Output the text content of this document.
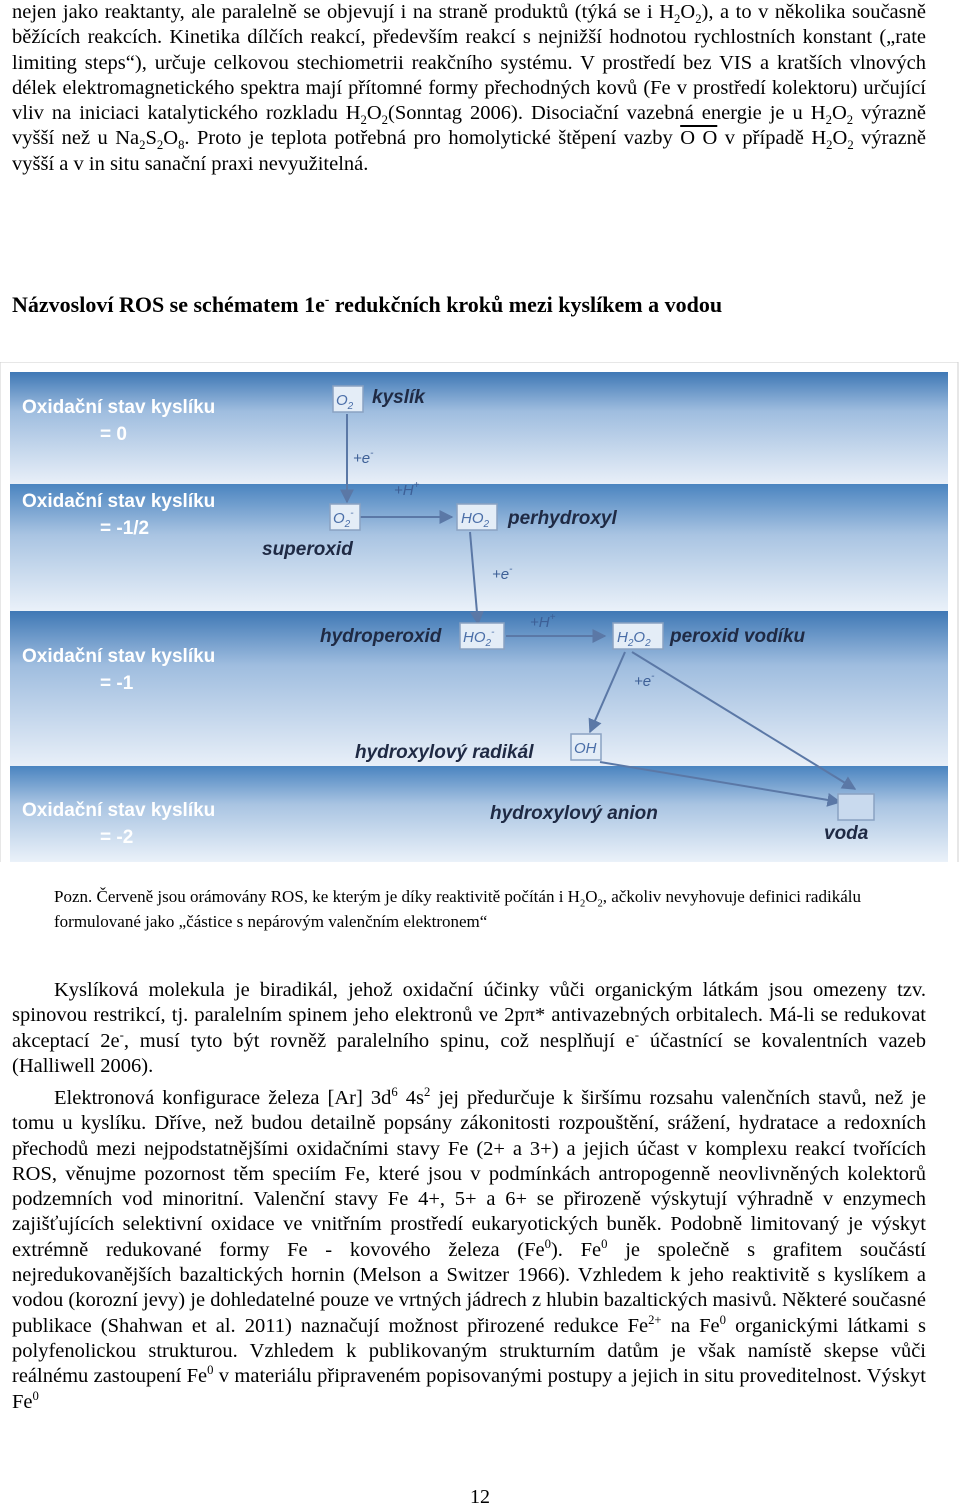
nejen jako reaktanty, ale paralelně se objevují i na straně produktů (týká se i $H_2O_2$), a to v několika současně běžících reakcích. Kinetika dílčích reakcí, především reakcí s nejnižší hodnotou rychlostních konstant („rate limiting steps“), určuje celkovou stechiometrii reakčního systému. V prostředí bez VIS a kratších vlnových délek elektromagnetického spektra mají přítomné formy přechodných kovů (Fe v prostředí kolektoru) určující vliv na iniciaci katalytického rozkladu $H_2O_2(Sonntag$ 2006). Disociační vazebná energie je u $H_2O_2$ výrazně vyšší než u $Na_2S_2O_8$. Proto je teplota potřebná pro homolytické štěpení vazby O O v případě $H_2O_2$ výrazně vyšší a v in situ sanační praxi nevyužitelná.

Názvosloví ROS se schématem 1e- redukčních kroků mezi kyslíkem a vodou
Oxidační stav kyslíku
= 0
Oxidační stav kyslíku
= -1/2
Oxidační stav kyslíku
= -1
Oxidační stav kyslíku
= -2
$O_2$
$O_2^-$	$HO_2$
$HO_2^-$	$H_2O_2$
OH
kyslík
superoxid
perhydroxyl
hydroperoxid	peroxid vodíku
hydroxylový radikál
hydroxylový anion
voda
+e-
+H+
+e-
+H+
+e-

Pozn. Červeně jsou orámovány ROS, ke kterým je díky reaktivitě počítán i $H_2O_2$, ačkoliv nevyhovuje definici radikálu formulované jako „částice s nepárovým valenčním elektronem“

Kyslíková molekula je biradikál, jehož oxidační účinky vůči organickým látkám jsou omezeny tzv. spinovou restrikcí, tj. paralelním spinem jeho elektronů ve 2pπ* antivazebných orbitalech. Má-li se redukovat akceptací 2e-, musí tyto být rovněž paralelního spinu, což nesplňují e- účastnící se kovalentních vazeb (Halliwell 2006).

Elektronová konfigurace železa [Ar] $3d^6$ $4s^2$ jej předurčuje k širšímu rozsahu valenčních stavů, než je tomu u kyslíku. Dříve, než budou detailně popsány zákonitosti rozpouštění, srážení, hydratace a redoxních přechodů mezi nejpodstatnějšími oxidačními stavy Fe (2+ a 3+) a jejich účast v komplexu reakcí tvořících ROS, věnujme pozornost těm speciím Fe, které jsou v podmínkách antropogenně neovlivněných kolektorů podzemních vod minoritní. Valenční stavy Fe 4+, 5+ a 6+ se přirozeně výskytují výhradně v enzymech zajišťujících selektivní oxidace ve vnitřním prostředí eukaryotických buněk. Podobně limitovaný je výskyt extrémně redukované formy Fe - kovového železa (Fe$^0$). Fe$^0$ je společně s grafitem součástí nejredukovanějších bazaltických hornin (Melson a Switzer 1966). Vzhledem k jeho reaktivitě s kyslíkem a vodou (korozní jevy) je dohledatelné pouze ve vrtných jádrech z hlubin bazaltických masivů. Některé současné publikace (Shahwan et al. 2011) naznačují možnost přirozené redukce $Fe^{2+}$ na Fe$^0$ organickými látkami s polyfenolickou strukturou. Vzhledem k publikovaným strukturním datům je však namístě skepse vůči reálnému zastoupení Fe$^0$ v materiálu připraveném popisovanými postupy a jejich in situ proveditelnost. Výskyt Fe$^0$

12
